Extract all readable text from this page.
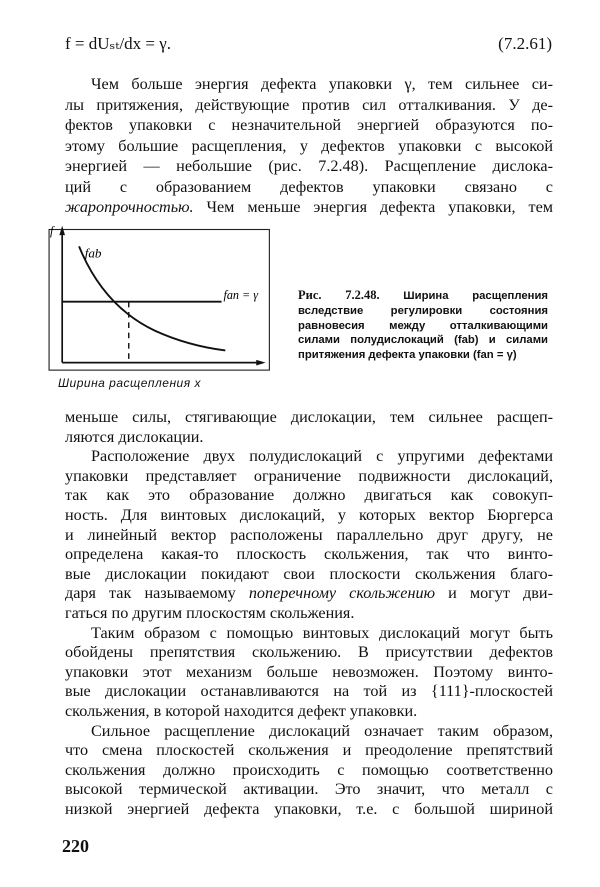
f = dUₛₜ/dx = γ.	(7.2.61)
Чем больше энергия дефекта упаковки γ, тем сильнее си-
лы притяжения, действующие против сил отталкивания. У де-
фектов упаковки с незначительной энергией образуются по-
этому большие расщепления, у дефектов упаковки с высокой
энергией — небольшие (рис. 7.2.48). Расщепление дислока-
ций с образованием дефектов упаковки связано с
жаропрочностью. Чем меньше энергия дефекта упаковки, тем
f
fab
fan = γ
Ширина расщепления x
Рис. 7.2.48. Ширина расщепления вследствие регулировки состояния равновесия между отталкивающими силами полудислокаций (fab) и силами притяжения дефекта упаковки (fan = γ)
меньше силы, стягивающие дислокации, тем сильнее расщеп-
ляются дислокации.
Расположение двух полудислокаций с упругими дефектами
упаковки представляет ограничение подвижности дислокаций,
так как это образование должно двигаться как совокуп-
ность. Для винтовых дислокаций, у которых вектор Бюргерса
и линейный вектор расположены параллельно друг другу, не
определена какая-то плоскость скольжения, так что винто-
вые дислокации покидают свои плоскости скольжения благо-
даря так называемому поперечному скольжению и могут дви-
гаться по другим плоскостям скольжения.
Таким образом с помощью винтовых дислокаций могут быть
обойдены препятствия скольжению. В присутствии дефектов
упаковки этот механизм больше невозможен. Поэтому винто-
вые дислокации останавливаются на той из {111}-плоскостей
скольжения, в которой находится дефект упаковки.
Сильное расщепление дислокаций означает таким образом,
что смена плоскостей скольжения и преодоление препятствий
скольжения должно происходить с помощью соответственно
высокой термической активации. Это значит, что металл с
низкой энергией дефекта упаковки, т.е. с большой шириной
220
